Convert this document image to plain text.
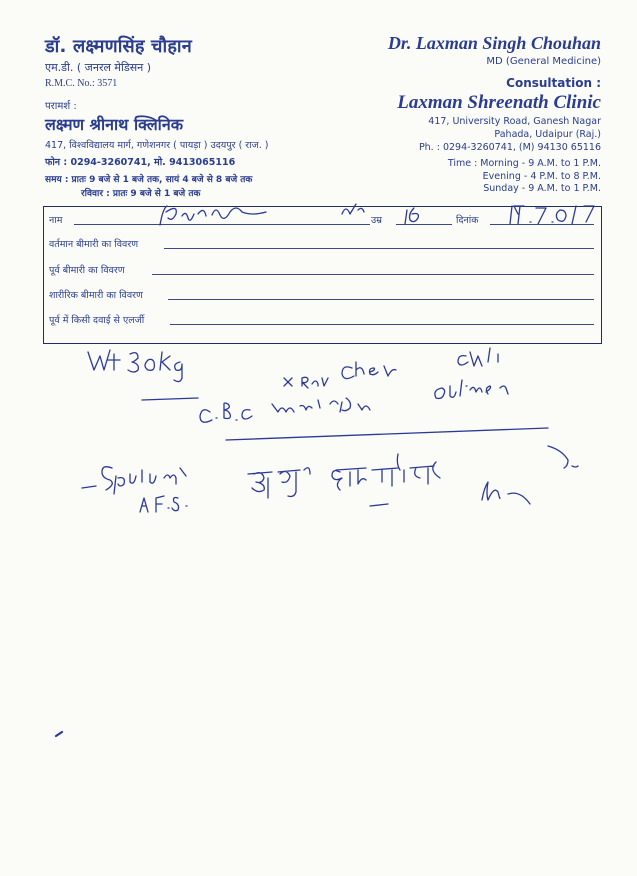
डॉ. लक्ष्मणसिंह चौहान
एम.डी. ( जनरल मेडिसन )
R.M.C. No.: 3571
परामर्श :
लक्ष्मण श्रीनाथ क्लिनिक
417, विश्वविद्यालय मार्ग, गणेशनगर ( पायड़ा ) उदयपुर ( राज. )
फोन : 0294-3260741, मो. 9413065116
समय : प्रातः 9 बजे से 1 बजे तक, सायं 4 बजे से 8 बजे तक
रविवार : प्रातः 9 बजे से 1 बजे तक
Dr. Laxman Singh Chouhan
MD (General Medicine)
Consultation :
Laxman Shreenath Clinic
417, University Road, Ganesh Nagar
Pahada, Udaipur (Raj.)
Ph. : 0294-3260741, (M) 94130 65116
Time : Morning - 9 A.M. to 1 P.M.
Evening - 4 P.M. to 8 P.M.
Sunday - 9 A.M. to 1 P.M.
नाम	उम्र	दिनांक
वर्तमान बीमारी का विवरण
पूर्व बीमारी का विवरण
शारीरिक बीमारी का विवरण
पूर्व में किसी दवाई से एलर्जी
